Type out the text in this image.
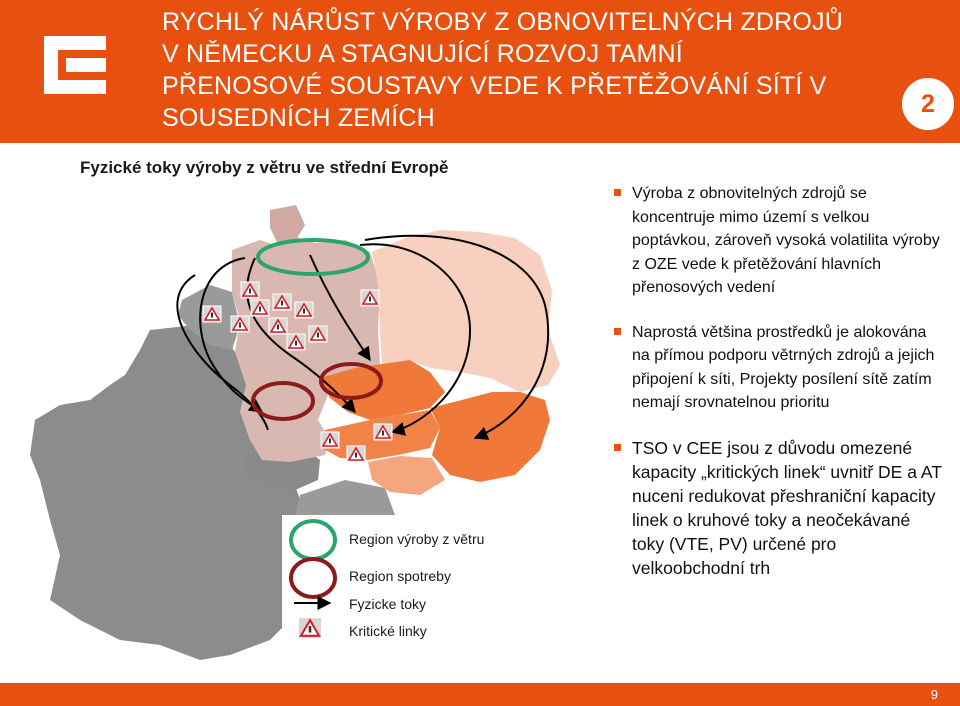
RYCHLÝ NÁRŮST VÝROBY Z OBNOVITELNÝCH ZDROJŮ
V NĚMECKU A STAGNUJÍCÍ ROZVOJ TAMNÍ
PŘENOSOVÉ SOUSTAVY VEDE K PŘETĚŽOVÁNÍ SÍTÍ V
SOUSEDNÍCH ZEMÍCH	2
Fyzické toky výroby z větru ve střední Evropě
Region výroby z větru
Region spotreby
Fyzicke toky
Kritické linky
Výroba z obnovitelných zdrojů se koncentruje mimo území s velkou poptávkou, zároveň vysoká volatilita výroby z OZE vede k přetěžování hlavních přenosových vedení
Naprostá většina prostředků je alokována na přímou podporu větrných zdrojů a jejich připojení k síti, Projekty posílení sítě zatím nemají srovnatelnou prioritu
TSO v CEE jsou z důvodu omezené kapacity „kritických linek“ uvnitř DE a AT nuceni redukovat přeshraniční kapacity linek o kruhové toky a neočekávané toky (VTE, PV) určené pro velkoobchodní trh
9
